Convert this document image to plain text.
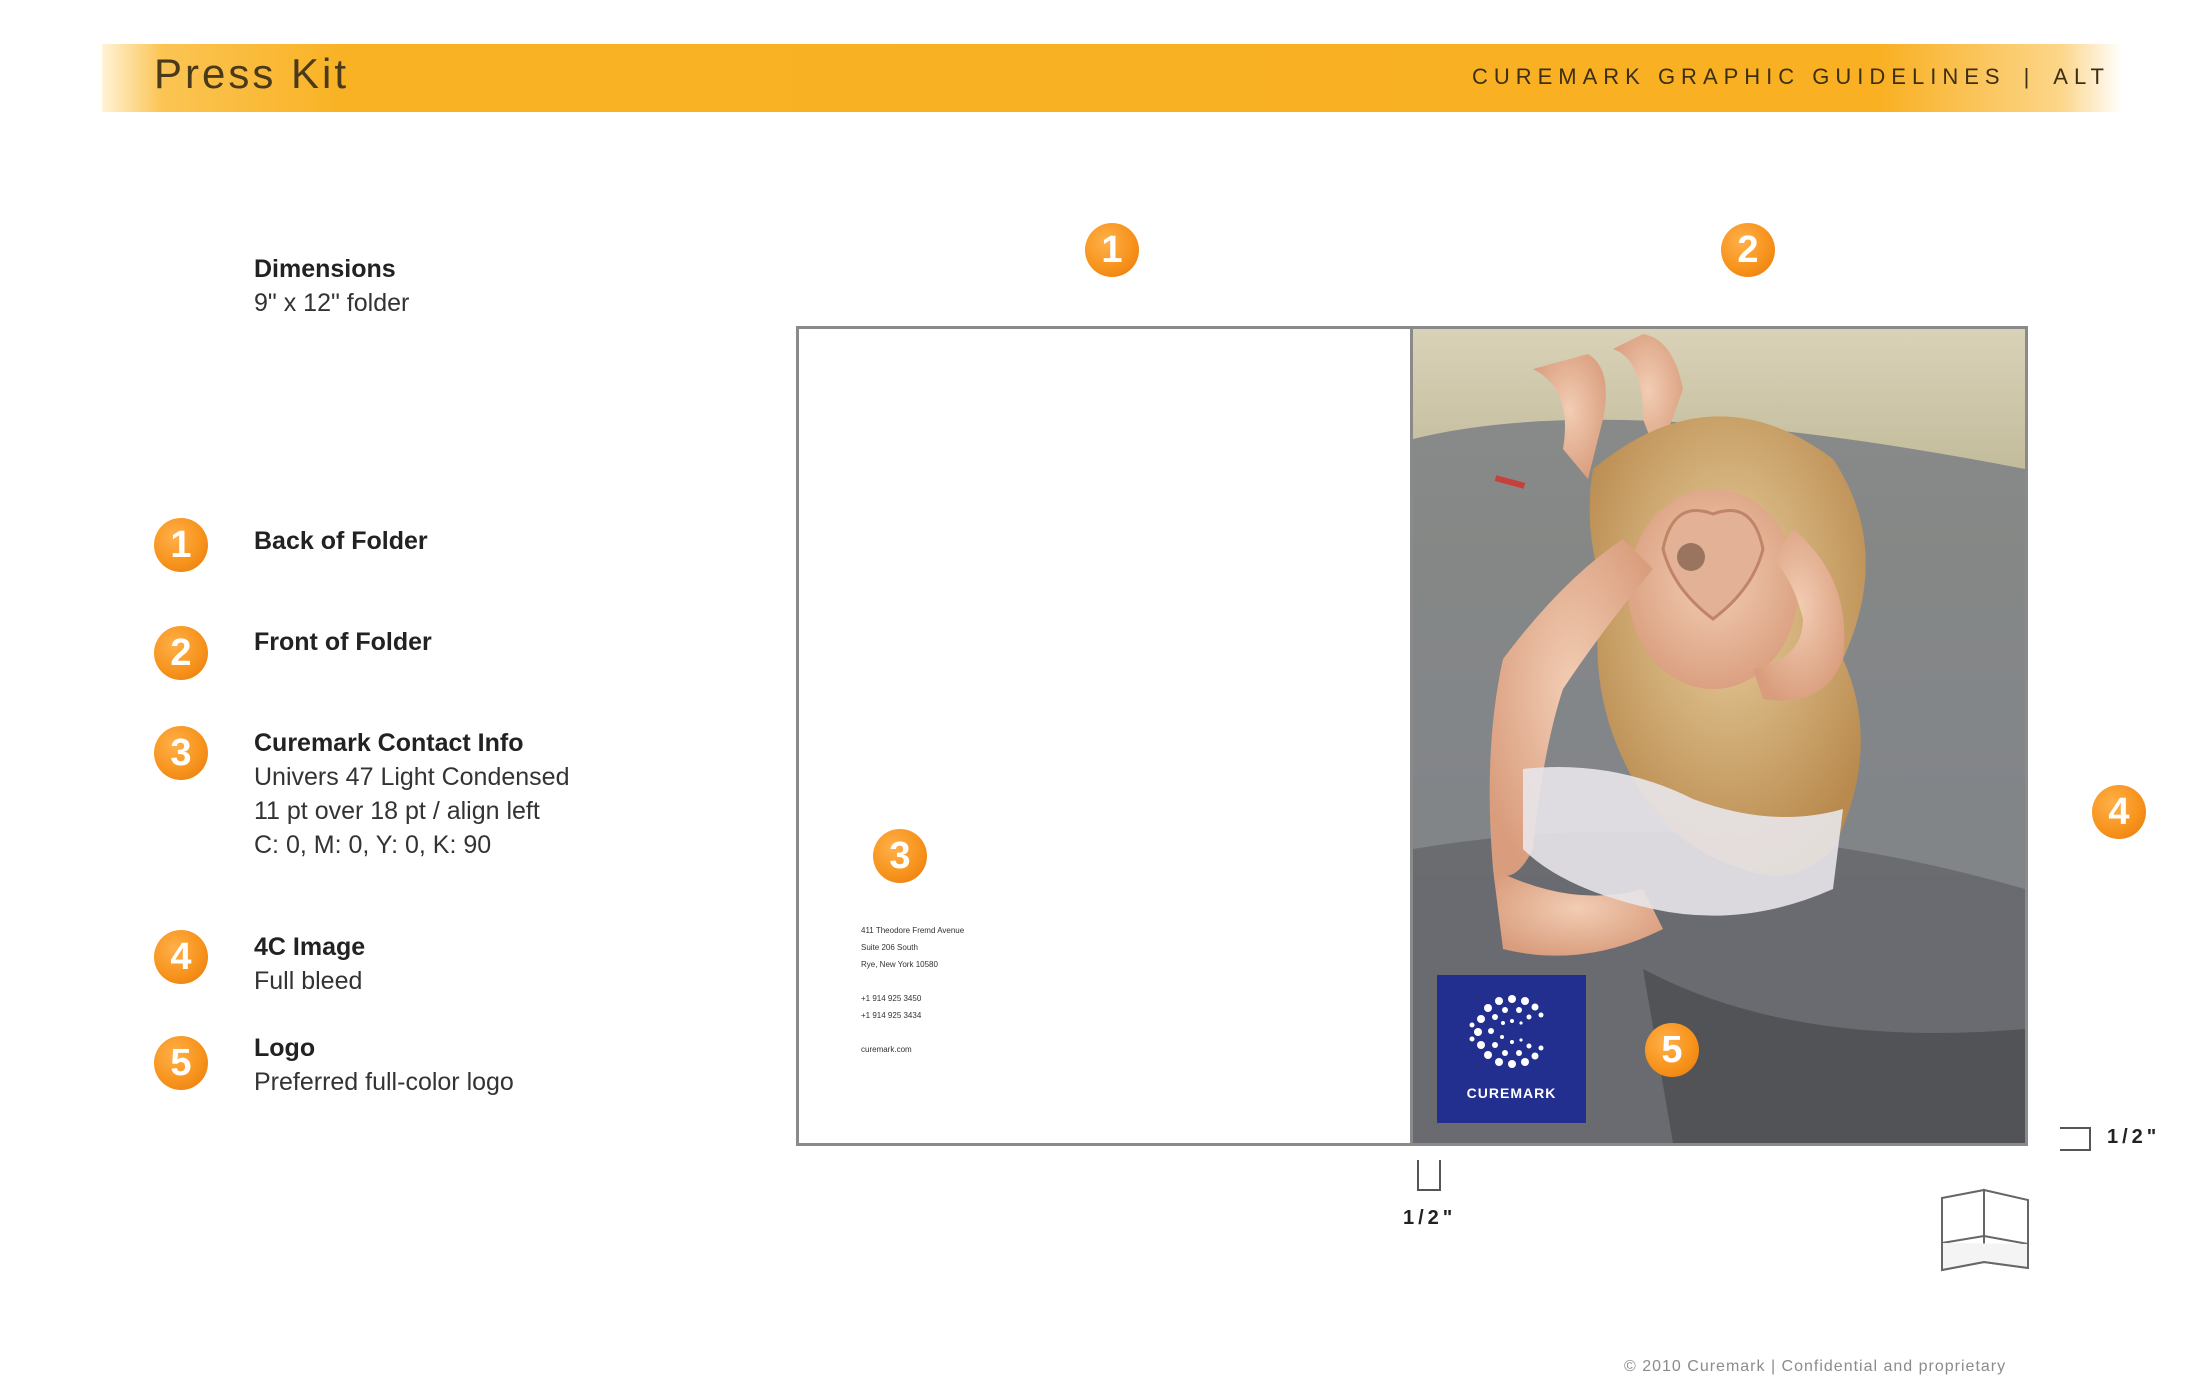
Press Kit	CUREMARK GRAPHIC GUIDELINES | ALT
Dimensions
9" x 12" folder
1	Back of Folder
2	Front of Folder
3	Curemark Contact Info
Univers 47 Light Condensed
11 pt over 18 pt / align left
C: 0, M: 0, Y: 0, K: 90
4	4C Image
Full bleed
5	Logo
Preferred full-color logo
1	2
3
411 Theodore Fremd Avenue
Suite 206 South
Rye, New York 10580
+1 914 925 3450
+1 914 925 3434
curemark.com
CUREMARK
5
4
1/2"
1/2"
© 2010 Curemark | Confidential and proprietary
